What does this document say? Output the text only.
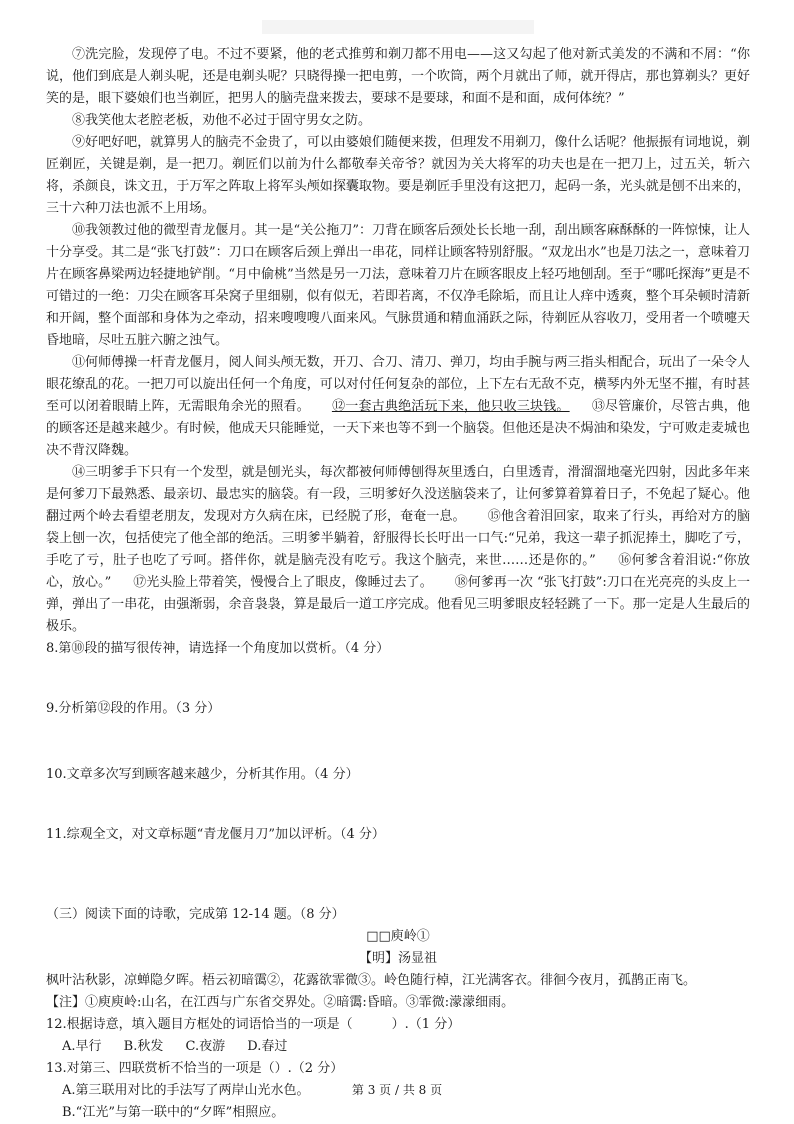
⑦洗完脸，发现停了电。不过不要紧，他的老式推剪和剃刀都不用电——这又勾起了他对新式美发的不满和不屑：“你说，他们到底是人剃头呢，还是电剃头呢？只晓得操一把电剪，一个吹筒，两个月就出了师，就开得店，那也算剃头？更好笑的是，眼下婆娘们也当剃匠，把男人的脑壳盘来拨去，要球不是要球，和面不是和面，成何体统？”

⑧我笑他太老腔老板，劝他不必过于固守男女之防。

⑨好吧好吧，就算男人的脑壳不金贵了，可以由婆娘们随便来拨，但理发不用剃刀，像什么话呢？他振振有词地说，剃匠剃匠，关键是剃，是一把刀。剃匠们以前为什么都敬奉关帝爷？就因为关大将军的功夫也是在一把刀上，过五关，斩六将，杀颜良，诛文丑，于万军之阵取上将军头颅如探囊取物。要是剃匠手里没有这把刀，起码一条，光头就是刨不出来的，三十六种刀法也派不上用场。

⑩我领教过他的微型青龙偃月。其一是“关公拖刀”：刀背在顾客后颈处长长地一刮，刮出顾客麻酥酥的一阵惊悚，让人十分享受。其二是“张飞打鼓”：刀口在顾客后颈上弹出一串花，同样让顾客特别舒服。“双龙出水”也是刀法之一，意味着刀片在顾客鼻梁两边轻捷地铲削。“月中偷桃”当然是另一刀法，意味着刀片在顾客眼皮上轻巧地刨刮。至于“哪吒探海”更是不可错过的一绝：刀尖在顾客耳朵窝子里细剔，似有似无，若即若离，不仅净毛除垢，而且让人痒中透爽，整个耳朵顿时清新和开阔，整个面部和身体为之牵动，招来嗖嗖嗖八面来风。气脉贯通和精血涌跃之际，待剃匠从容收刀，受用者一个喷嚏天昏地暗，尽吐五脏六腑之浊气。

⑪何师傅操一杆青龙偃月，阅人间头颅无数，开刀、合刀、清刀、弹刀，均由手腕与两三指头相配合，玩出了一朵令人眼花缭乱的花。一把刀可以旋出任何一个角度，可以对付任何复杂的部位，上下左右无敌不克，横琴内外无坚不摧，有时甚至可以闭着眼睛上阵，无需眼角余光的照看。 ⑫一套古典绝活玩下来，他只收三块钱。 ⑬尽管廉价，尽管古典，他的顾客还是越来越少。有时候，他成天只能睡觉，一天下来也等不到一个脑袋。但他还是决不焗油和染发，宁可败走麦城也决不背汉降魏。

⑭三明爹手下只有一个发型，就是刨光头，每次都被何师傅刨得灰里透白，白里透青，滑溜溜地毫光四射，因此多年来是何爹刀下最熟悉、最亲切、最忠实的脑袋。有一段，三明爹好久没送脑袋来了，让何爹算着算着日子，不免起了疑心。他翻过两个岭去看望老朋友，发现对方久病在床，已经脱了形，奄奄一息。 ⑮他含着泪回家，取来了行头，再给对方的脑袋上刨一次，包括使完了他全部的绝活。三明爹半躺着，舒服得长长吁出一口气:“兄弟，我这一辈子抓泥捧土，脚吃了亏，手吃了亏，肚子也吃了亏呵。搭伴你，就是脑壳没有吃亏。我这个脑壳，来世……还是你的。” ⑯何爹含着泪说:“你放心，放心。” ⑰光头脸上带着笑，慢慢合上了眼皮，像睡过去了。 ⑱何爹再一次 “张飞打鼓”:刀口在光亮亮的头皮上一弹，弹出了一串花，由强渐弱，余音袅袅，算是最后一道工序完成。他看见三明爹眼皮轻轻跳了一下。那一定是人生最后的极乐。

8.第⑩段的描写很传神，请选择一个角度加以赏析。（4 分）

9.分析第⑫段的作用。（3 分）

10.文章多次写到顾客越来越少，分析其作用。（4 分）

11.综观全文，对文章标题“青龙偃月刀”加以评析。（4 分）

（三）阅读下面的诗歌，完成第 12-14 题。（8 分）

□□庾岭①

【明】汤显祖

枫叶沾秋影，凉蝉隐夕晖。梧云初暗霭②，花露欲霏微③。岭色随行棹，江光满客衣。徘徊今夜月，孤鹊正南飞。

【注】①庾庾岭:山名，在江西与广东省交界处。②暗霭:昏暗。③霏微:濛濛细雨。

12.根据诗意，填入题目方框处的词语恰当的一项是（　　　）.（1 分）

A.早行 B.秋发 C.夜游 D.春过

13.对第三、四联赏析不恰当的一项是（）.（2 分）

A.第三联用对比的手法写了两岸山光水色。

B.“江光”与第一联中的“夕晖”相照应。

第 3 页 / 共 8 页
